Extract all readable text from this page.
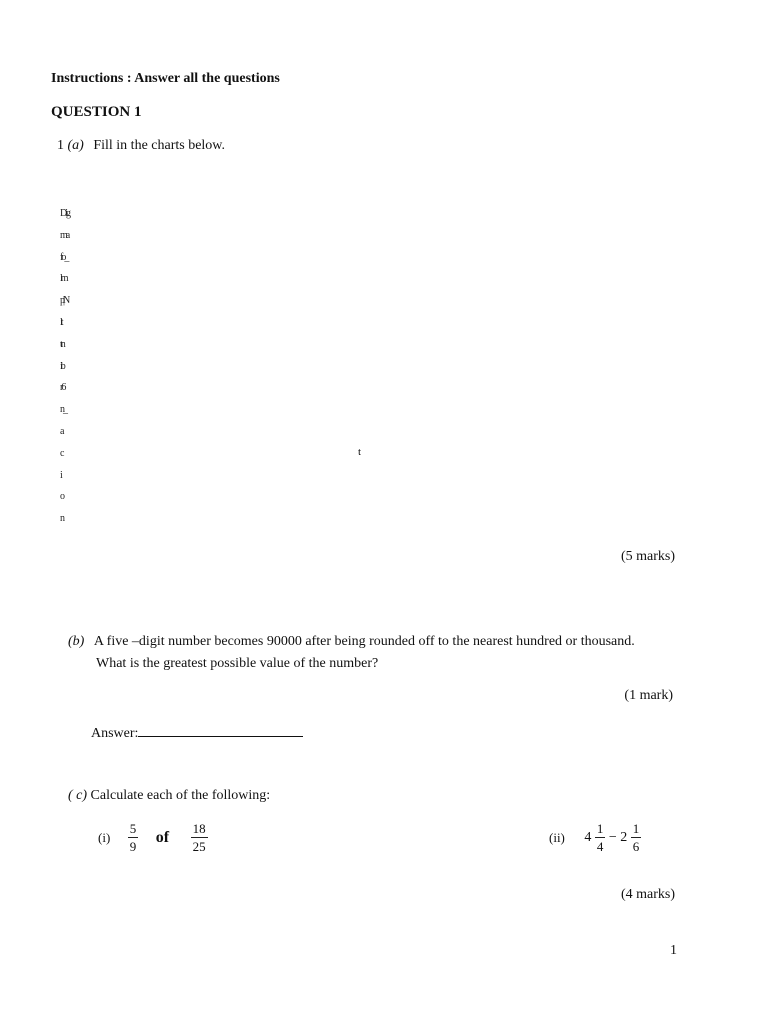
Instructions : Answer all the questions
QUESTION 1
1 (a) Fill in the charts below.
Dig
ma
fo_
lm
p|N
lt
tn
ib
r6
n_
a
c
i
o
n
t
(5 marks)
(b) A five –digit number becomes 90000 after being rounded off to the nearest hundred or thousand.
What is the greatest possible value of the number?
(1 mark)
Answer:
( c) Calculate each of the following:
$(i) \frac{5}{9}$ of $\frac{18}{25}$	(ii) $4 \frac{1}{4} - 2 \frac{1}{6}$
(4 marks)
1
